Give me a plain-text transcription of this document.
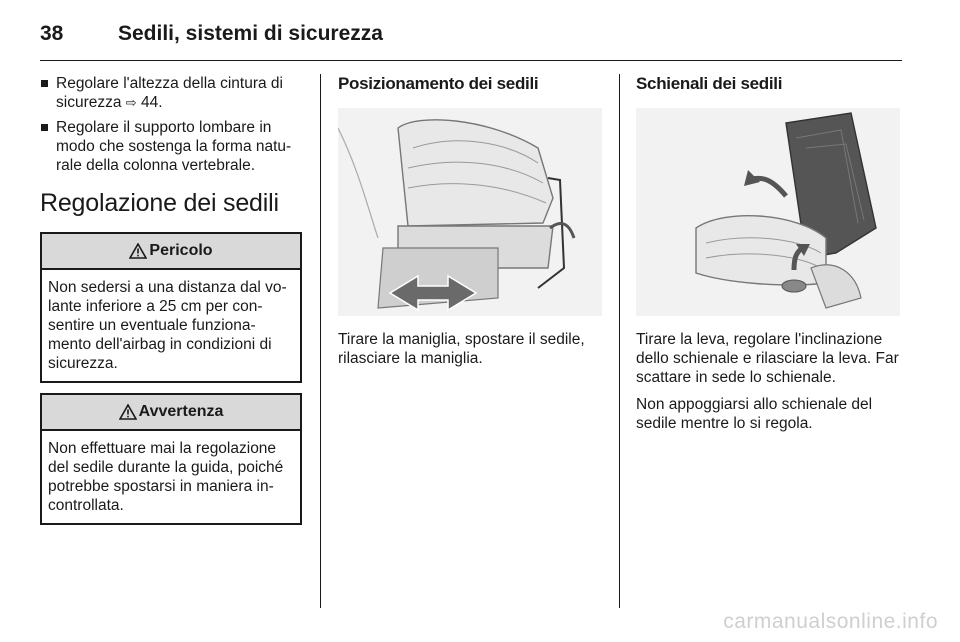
38	Sedili, sistemi di sicurezza
Regolare l'altezza della cintura di sicurezza ⇨ 44.
Regolare il supporto lombare in modo che sostenga la forma natu-rale della colonna vertebrale.
Regolazione dei sedili
Pericolo
Non sedersi a una distanza dal vo-lante inferiore a 25 cm per con-sentire un eventuale funziona-mento dell'airbag in condizioni di sicurezza.
Avvertenza
Non effettuare mai la regolazione del sedile durante la guida, poiché potrebbe spostarsi in maniera in-controllata.
Posizionamento dei sedili

Tirare la maniglia, spostare il sedile, rilasciare la maniglia.

Schienali dei sedili

Tirare la leva, regolare l'inclinazione dello schienale e rilasciare la leva. Far scattare in sede lo schienale.

Non appoggiarsi allo schienale del sedile mentre lo si regola.

carmanualsonline.info
